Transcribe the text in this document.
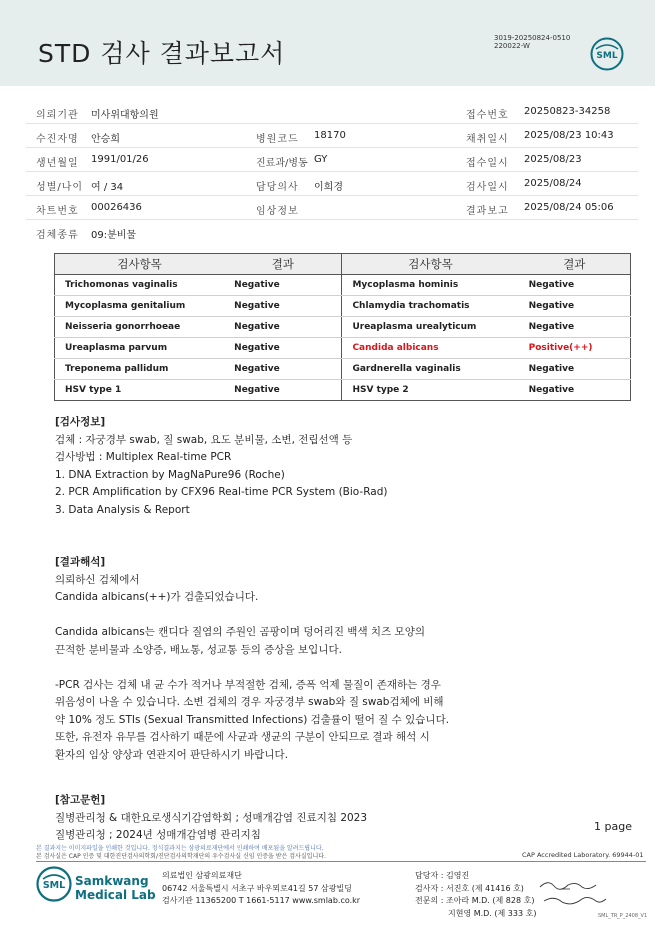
STD 검사 결과보고서
3019-20250824-0510
220022-W
SML
의뢰기관 미사위대항의원	접수번호 20250823-34258
수진자명 안승희	병원코드 18170	채취일시 2025/08/23 10:43
생년월일 1991/01/26	진료과/병동 GY	접수일시 2025/08/23
성별/나이 여 / 34	담당의사 이희경	검사일시 2025/08/24
차트번호 00026436	임상정보	결과보고 2025/08/24 05:06
검체종류 09:분비물
검사항목	결과	검사항목	결과
Trichomonas vaginalis	Negative	Mycoplasma hominis	Negative
Mycoplasma genitalium	Negative	Chlamydia trachomatis	Negative
Neisseria gonorrhoeae	Negative	Ureaplasma urealyticum	Negative
Ureaplasma parvum	Negative	Candida albicans	Positive(++)
Treponema pallidum	Negative	Gardnerella vaginalis	Negative
HSV type 1	Negative	HSV type 2	Negative
[검사정보]
검체 : 자궁경부 swab, 질 swab, 요도 분비물, 소변, 전립선액 등
검사방법 : Multiplex Real-time PCR
1. DNA Extraction by MagNaPure96 (Roche)
2. PCR Amplification by CFX96 Real-time PCR System (Bio-Rad)
3. Data Analysis & Report
[결과해석]
의뢰하신 검체에서
Candida albicans(++)가 검출되었습니다.
Candida albicans는 캔디다 질염의 주원인 곰팡이며 덩어리진 백색 치즈 모양의
끈적한 분비물과 소양증, 배뇨통, 성교통 등의 증상을 보입니다.
-PCR 검사는 검체 내 균 수가 적거나 부적절한 검체, 증폭 억제 물질이 존재하는 경우
위음성이 나올 수 있습니다. 소변 검체의 경우 자궁경부 swab와 질 swab검체에 비해
약 10% 정도 STIs (Sexual Transmitted Infections) 검출률이 떨어 질 수 있습니다.
또한, 유전자 유무를 검사하기 때문에 사균과 생균의 구분이 안되므로 결과 해석 시
환자의 임상 양상과 연관지어 판단하시기 바랍니다.
[참고문헌]
질병관리청 & 대한요로생식기감염학회 ; 성매개감염 진료지침 2023
질병관리청 ; 2024년 성매개감염병 관리지침
1 page
본 결과지는 이미지파일을 인쇄한 것입니다. 정식결과지는 삼광의료재단에서 인쇄하여 배포됨을 알려드립니다.
본 검사실은 CAP 인증 및 대한진단검사의학회/진단검사의학재단의 우수검사실 신임 인증을 받은 검사실입니다.	CAP Accredited Laboratory. 69944-01
SML Samkwang
Medical Lab
의료법인 삼광의료재단
06742 서울특별시 서초구 바우뫼로41길 57 삼광빌딩
검사기관 11365200 T 1661-5117 www.smlab.co.kr
담당자 : 김영진
검사자 : 서진호 (제 41416 호)
전문의 : 조아라 M.D. (제 828 호)
지현영 M.D. (제 333 호)	SML_TR_P_2408_V1
